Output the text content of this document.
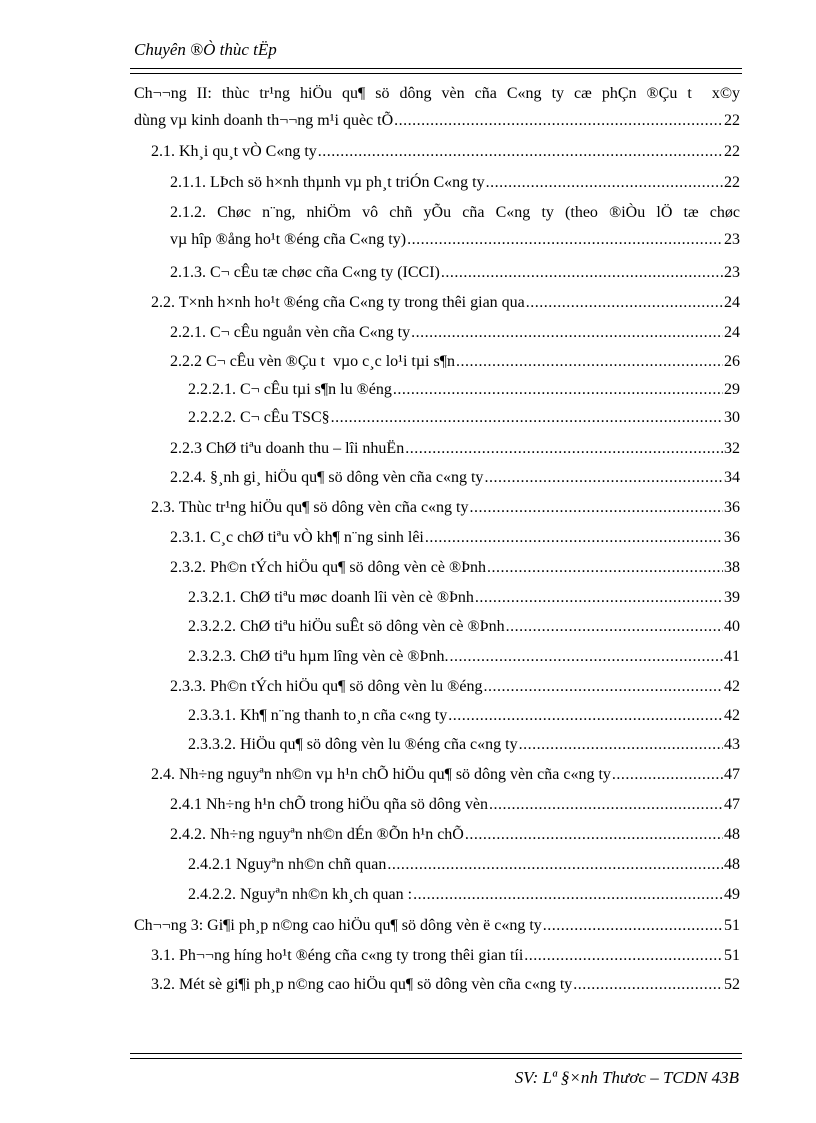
Chuyên ®Ò thùc tËp
Ch¬¬ng II: thùc tr¹ng hiÖu qu¶ sö dông vèn cña C«ng ty cæ phÇn ®Çu t  x©y
dùng vµ kinh doanh th¬¬ng m¹i quèc tÕ .....	22
2.1. Kh¸i qu¸t vÒ C«ng ty .....	22
2.1.1. LÞch sö h×nh thµnh vµ ph¸t triÓn C«ng ty .....	22
2.1.2. Chøc n¨ng, nhiÖm vô chñ yÕu cña C«ng ty (theo ®iÒu lÖ tæ chøc
vµ hîp ®ång ho¹t ®éng cña C«ng ty) .....	23
2.1.3. C¬ cÊu tæ chøc cña C«ng ty (ICCI) .....	23
2.2. T×nh h×nh ho¹t ®éng cña C«ng ty trong thêi gian qua .....	24
2.2.1. C¬ cÊu nguån vèn cña C«ng ty .....	24
2.2.2 C¬ cÊu vèn ®Çu t  vµo c¸c lo¹i tµi s¶n .....	26
2.2.2.1. C¬ cÊu tµi s¶n lu ®éng .....	29
2.2.2.2. C¬ cÊu TSC§ .....	30
2.2.3 ChØ tiªu doanh thu – lîi nhuËn .....	32
2.2.4. §¸nh gi¸ hiÖu qu¶ sö dông vèn cña c«ng ty .....	34
2.3. Thùc tr¹ng hiÖu qu¶ sö dông vèn cña c«ng ty .....	36
2.3.1. C¸c chØ tiªu vÒ kh¶ n¨ng sinh lêi .....	36
2.3.2. Ph©n tÝch hiÖu qu¶ sö dông vèn cè ®Þnh .....	38
2.3.2.1. ChØ tiªu møc doanh lîi vèn cè ®Þnh .....	39
2.3.2.2. ChØ tiªu hiÖu suÊt sö dông vèn cè ®Þnh .....	40
2.3.2.3. ChØ tiªu hµm lîng vèn cè ®Þnh. .....	41
2.3.3. Ph©n tÝch hiÖu qu¶ sö dông vèn lu ®éng .....	42
2.3.3.1. Kh¶ n¨ng thanh to¸n cña c«ng ty .....	42
2.3.3.2. HiÖu qu¶ sö dông vèn lu ®éng cña c«ng ty .....	43
2.4. Nh÷ng nguyªn nh©n vµ h¹n chÕ hiÖu qu¶ sö dông vèn cña c«ng ty .....	47
2.4.1 Nh÷ng h¹n chÕ trong hiÖu qña sö dông vèn .....	47
2.4.2. Nh÷ng nguyªn nh©n dÉn ®Õn h¹n chÕ .....	48
2.4.2.1 Nguyªn nh©n chñ quan .....	48
2.4.2.2. Nguyªn nh©n kh¸ch quan : .....	49
Ch¬¬ng 3: Gi¶i ph¸p n©ng cao hiÖu qu¶ sö dông vèn ë c«ng ty .....	51
3.1. Ph¬¬ng híng ho¹t ®éng cña c«ng ty trong thêi gian tíi .....	51
3.2. Mét sè gi¶i ph¸p n©ng cao hiÖu qu¶ sö dông vèn cña c«ng ty .....	52
SV: Lª §×nh Thươc – TCDN 43B
